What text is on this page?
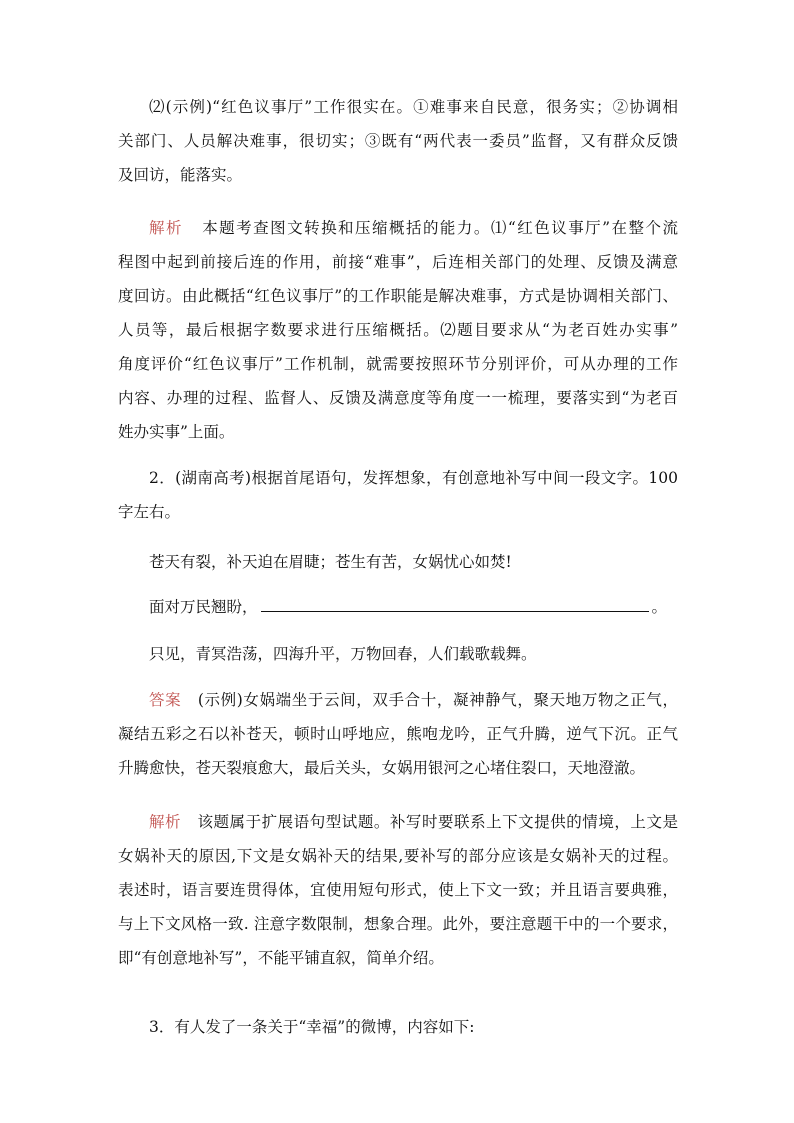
⑵(示例)“红色议事厅”工作很实在。①难事来自民意，很务实；②协调相
关部门、人员解决难事，很切实；③既有“两代表一委员”监督，又有群众反馈
及回访，能落实。
解析 本题考查图文转换和压缩概括的能力。⑴“红色议事厅”在整个流
程图中起到前接后连的作用，前接“难事”，后连相关部门的处理、反馈及满意
度回访。由此概括“红色议事厅”的工作职能是解决难事，方式是协调相关部门、
人员等，最后根据字数要求进行压缩概括。⑵题目要求从“为老百姓办实事”
角度评价“红色议事厅”工作机制，就需要按照环节分别评价，可从办理的工作
内容、办理的过程、监督人、反馈及满意度等角度一一梳理，要落实到“为老百
姓办实事”上面。
2．(湖南高考)根据首尾语句，发挥想象，有创意地补写中间一段文字。100
字左右。
苍天有裂，补天迫在眉睫；苍生有苦，女娲忧心如焚!
面对万民翘盼，	。
只见，青冥浩荡，四海升平，万物回春，人们载歌载舞。
答案 (示例)女娲端坐于云间，双手合十，凝神静气，聚天地万物之正气，
凝结五彩之石以补苍天，顿时山呼地应，熊咆龙吟，正气升腾，逆气下沉。正气
升腾愈快，苍天裂痕愈大，最后关头，女娲用银河之心堵住裂口，天地澄澈。
解析 该题属于扩展语句型试题。补写时要联系上下文提供的情境，上文是
女娲补天的原因,下文是女娲补天的结果,要补写的部分应该是女娲补天的过程。
表述时，语言要连贯得体，宜使用短句形式，使上下文一致；并且语言要典雅，
与上下文风格一致. 注意字数限制，想象合理。此外，要注意题干中的一个要求，
即“有创意地补写”，不能平铺直叙，简单介绍。
3．有人发了一条关于“幸福”的微博，内容如下:
